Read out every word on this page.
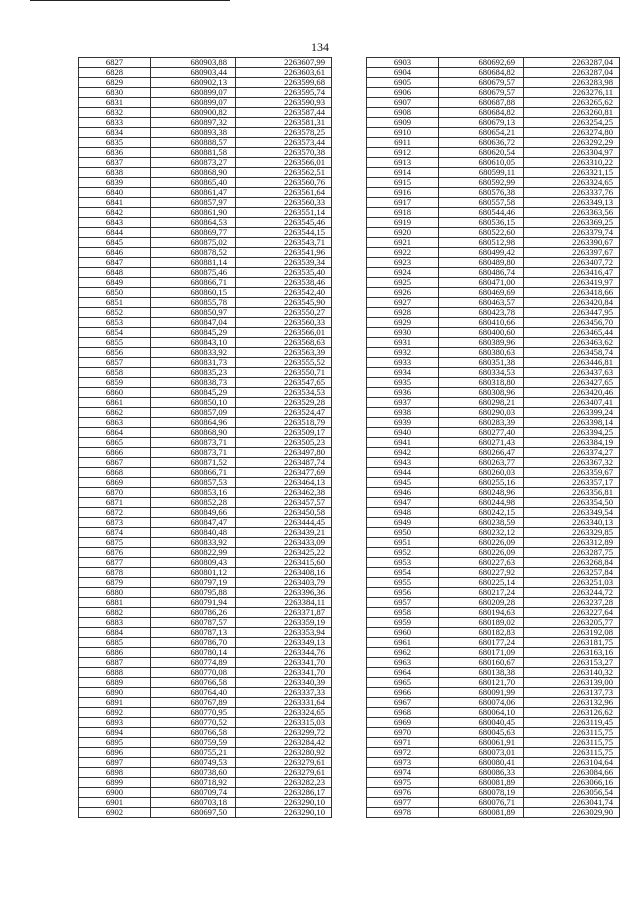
134
6827	680903,88	2263607,99
6828	680903,44	2263603,61
6829	680902,13	2263599,68
6830	680899,07	2263595,74
6831	680899,07	2263590,93
6832	680900,82	2263587,44
6833	680897,32	2263581,31
6834	680893,38	2263578,25
6835	680888,57	2263573,44
6836	680881,58	2263570,38
6837	680873,27	2263566,01
6838	680868,90	2263562,51
6839	680865,40	2263560,76
6840	680861,47	2263561,64
6841	680857,97	2263560,33
6842	680861,90	2263551,14
6843	680864,53	2263545,46
6844	680869,77	2263544,15
6845	680875,02	2263543,71
6846	680878,52	2263541,96
6847	680881,14	2263539,34
6848	680875,46	2263535,40
6849	680866,71	2263538,46
6850	680860,15	2263542,40
6851	680855,78	2263545,90
6852	680850,97	2263550,27
6853	680847,04	2263560,33
6854	680845,29	2263566,01
6855	680843,10	2263568,63
6856	680833,92	2263563,39
6857	680831,73	2263555,52
6858	680835,23	2263550,71
6859	680838,73	2263547,65
6860	680845,29	2263534,53
6861	680850,10	2263529,28
6862	680857,09	2263524,47
6863	680864,96	2263518,79
6864	680868,90	2263509,17
6865	680873,71	2263505,23
6866	680873,71	2263497,80
6867	680871,52	2263487,74
6868	680866,71	2263477,69
6869	680857,53	2263464,13
6870	680853,16	2263462,38
6871	680852,28	2263457,57
6872	680849,66	2263450,58
6873	680847,47	2263444,45
6874	680840,48	2263439,21
6875	680833,92	2263433,09
6876	680822,99	2263425,22
6877	680809,43	2263415,60
6878	680801,12	2263408,16
6879	680797,19	2263403,79
6880	680795,88	2263396,36
6881	680791,94	2263384,11
6882	680786,26	2263371,87
6883	680787,57	2263359,19
6884	680787,13	2263353,94
6885	680786,70	2263349,13
6886	680780,14	2263344,76
6887	680774,89	2263341,70
6888	680770,08	2263341,70
6889	680766,58	2263340,39
6890	680764,40	2263337,33
6891	680767,89	2263331,64
6892	680770,95	2263324,65
6893	680770,52	2263315,03
6894	680766,58	2263299,72
6895	680759,59	2263284,42
6896	680755,21	2263280,92
6897	680749,53	2263279,61
6898	680738,60	2263279,61
6899	680718,92	2263282,23
6900	680709,74	2263286,17
6901	680703,18	2263290,10
6902	680697,50	2263290,10
6903	680692,69	2263287,04
6904	680684,82	2263287,04
6905	680679,57	2263283,98
6906	680679,57	2263276,11
6907	680687,88	2263265,62
6908	680684,82	2263260,81
6909	680679,13	2263254,25
6910	680654,21	2263274,80
6911	680636,72	2263292,29
6912	680620,54	2263304,97
6913	680610,05	2263310,22
6914	680599,11	2263321,15
6915	680592,99	2263324,65
6916	680576,38	2263337,76
6917	680557,58	2263349,13
6918	680544,46	2263363,56
6919	680536,15	2263369,25
6920	680522,60	2263379,74
6921	680512,98	2263390,67
6922	680499,42	2263397,67
6923	680489,80	2263407,72
6924	680486,74	2263416,47
6925	680471,00	2263419,97
6926	680469,69	2263418,66
6927	680463,57	2263420,84
6928	680423,78	2263447,95
6929	680410,66	2263456,70
6930	680400,60	2263465,44
6931	680389,96	2263463,62
6932	680380,63	2263458,74
6933	680351,38	2263446,81
6934	680334,53	2263437,63
6935	680318,80	2263427,65
6936	680308,96	2263420,46
6937	680298,21	2263407,41
6938	680290,03	2263399,24
6939	680283,39	2263398,14
6940	680277,40	2263394,25
6941	680271,43	2263384,19
6942	680266,47	2263374,27
6943	680263,77	2263367,32
6944	680260,03	2263359,67
6945	680255,16	2263357,17
6946	680248,96	2263356,81
6947	680244,98	2263354,50
6948	680242,15	2263349,54
6949	680238,59	2263340,13
6950	680232,12	2263329,85
6951	680226,09	2263312,89
6952	680226,09	2263287,75
6953	680227,63	2263268,84
6954	680227,92	2263257,84
6955	680225,14	2263251,03
6956	680217,24	2263244,72
6957	680209,28	2263237,28
6958	680194,63	2263227,64
6959	680189,02	2263205,77
6960	680182,83	2263192,08
6961	680177,24	2263181,75
6962	680171,09	2263163,16
6963	680160,67	2263153,27
6964	680138,38	2263140,32
6965	680121,70	2263139,00
6966	680091,99	2263137,73
6967	680074,06	2263132,96
6968	680064,10	2263126,62
6969	680040,45	2263119,45
6970	680045,63	2263115,75
6971	680061,91	2263115,75
6972	680073,01	2263115,75
6973	680080,41	2263104,64
6974	680086,33	2263084,66
6975	680081,89	2263066,16
6976	680078,19	2263056,54
6977	680076,71	2263041,74
6978	680081,89	2263029,90
